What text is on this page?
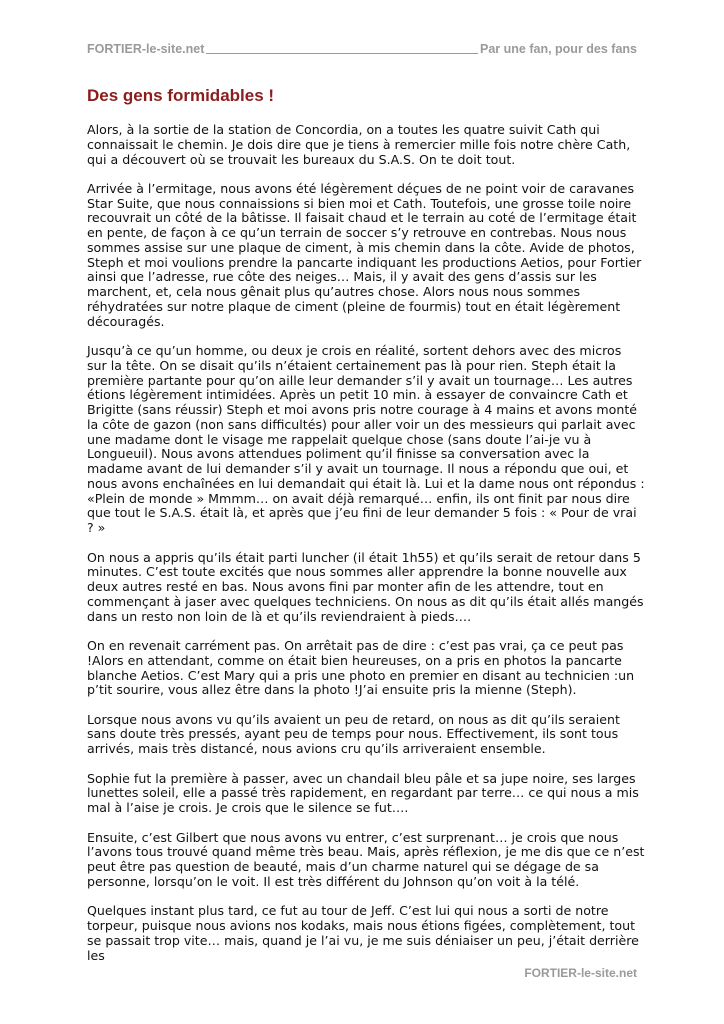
FORTIER-le-site.net	Par une fan, pour des fans
Des gens formidables !

Alors, à la sortie de la station de Concordia, on a toutes les quatre suivit Cath qui connaissait le chemin. Je dois dire que je tiens à remercier mille fois notre chère Cath, qui a découvert où se trouvait les bureaux du S.A.S. On te doit tout.

Arrivée à l’ermitage, nous avons été légèrement déçues de ne point voir de caravanes Star Suite, que nous connaissions si bien moi et Cath. Toutefois, une grosse toile noire recouvrait un côté de la bâtisse. Il faisait chaud et le terrain au coté de l’ermitage était en pente, de façon à ce qu’un terrain de soccer s’y retrouve en contrebas. Nous nous sommes assise sur une plaque de ciment, à mis chemin dans la côte. Avide de photos, Steph et moi voulions prendre la pancarte indiquant les productions Aetios, pour Fortier ainsi que l’adresse, rue côte des neiges… Mais, il y avait des gens d’assis sur les marchent, et, cela nous gênait plus qu’autres chose. Alors nous nous sommes réhydratées sur notre plaque de ciment (pleine de fourmis) tout en était légèrement découragés.

Jusqu’à ce qu’un homme, ou deux je crois en réalité, sortent dehors avec des micros sur la tête. On se disait qu’ils n’étaient certainement pas là pour rien. Steph était la première partante pour qu’on aille leur demander s’il y avait un tournage… Les autres étions légèrement intimidées. Après un petit 10 min. à essayer de convaincre Cath et Brigitte (sans réussir) Steph et moi avons pris notre courage à 4 mains et avons monté la côte de gazon (non sans difficultés) pour aller voir un des messieurs qui parlait avec une madame dont le visage me rappelait quelque chose (sans doute l’ai-je vu à Longueuil). Nous avons attendues poliment qu’il finisse sa conversation avec la madame avant de lui demander s’il y avait un tournage. Il nous a répondu que oui, et nous avons enchaînées en lui demandait qui était là. Lui et la dame nous ont répondus : «Plein de monde » Mmmm… on avait déjà remarqué… enfin, ils ont finit par nous dire que tout le S.A.S. était là, et après que j’eu fini de leur demander 5 fois : « Pour de vrai ? »

On nous a appris qu’ils était parti luncher (il était 1h55) et qu’ils serait de retour dans 5 minutes. C’est toute excités que nous sommes aller apprendre la bonne nouvelle aux deux autres resté en bas. Nous avons fini par monter afin de les attendre, tout en commençant à jaser avec quelques techniciens. On nous as dit qu’ils était allés mangés dans un resto non loin de là et qu’ils reviendraient à pieds….

On en revenait carrément pas. On arrêtait pas de dire : c’est pas vrai, ça ce peut pas !Alors en attendant, comme on était bien heureuses, on a pris en photos la pancarte blanche Aetios. C’est Mary qui a pris une photo en premier en disant au technicien :un p’tit sourire, vous allez être dans la photo !J’ai ensuite pris la mienne (Steph).

Lorsque nous avons vu qu’ils avaient un peu de retard, on nous as dit qu’ils seraient sans doute très pressés, ayant peu de temps pour nous. Effectivement, ils sont tous arrivés, mais très distancé, nous avions cru qu’ils arriveraient ensemble.

Sophie fut la première à passer, avec un chandail bleu pâle et sa jupe noire, ses larges lunettes soleil, elle a passé très rapidement, en regardant par terre… ce qui nous a mis mal à l’aise je crois. Je crois que le silence se fut….

Ensuite, c’est Gilbert que nous avons vu entrer, c’est surprenant… je crois que nous l’avons tous trouvé quand même très beau. Mais, après réflexion, je me dis que ce n’est peut être pas question de beauté, mais d’un charme naturel qui se dégage de sa personne, lorsqu’on le voit. Il est très différent du Johnson qu’on voit à la télé.

Quelques instant plus tard, ce fut au tour de Jeff. C’est lui qui nous a sorti de notre torpeur, puisque nous avions nos kodaks, mais nous étions figées, complètement, tout se passait trop vite… mais, quand je l’ai vu, je me suis déniaiser un peu, j’était derrière les

FORTIER-le-site.net
